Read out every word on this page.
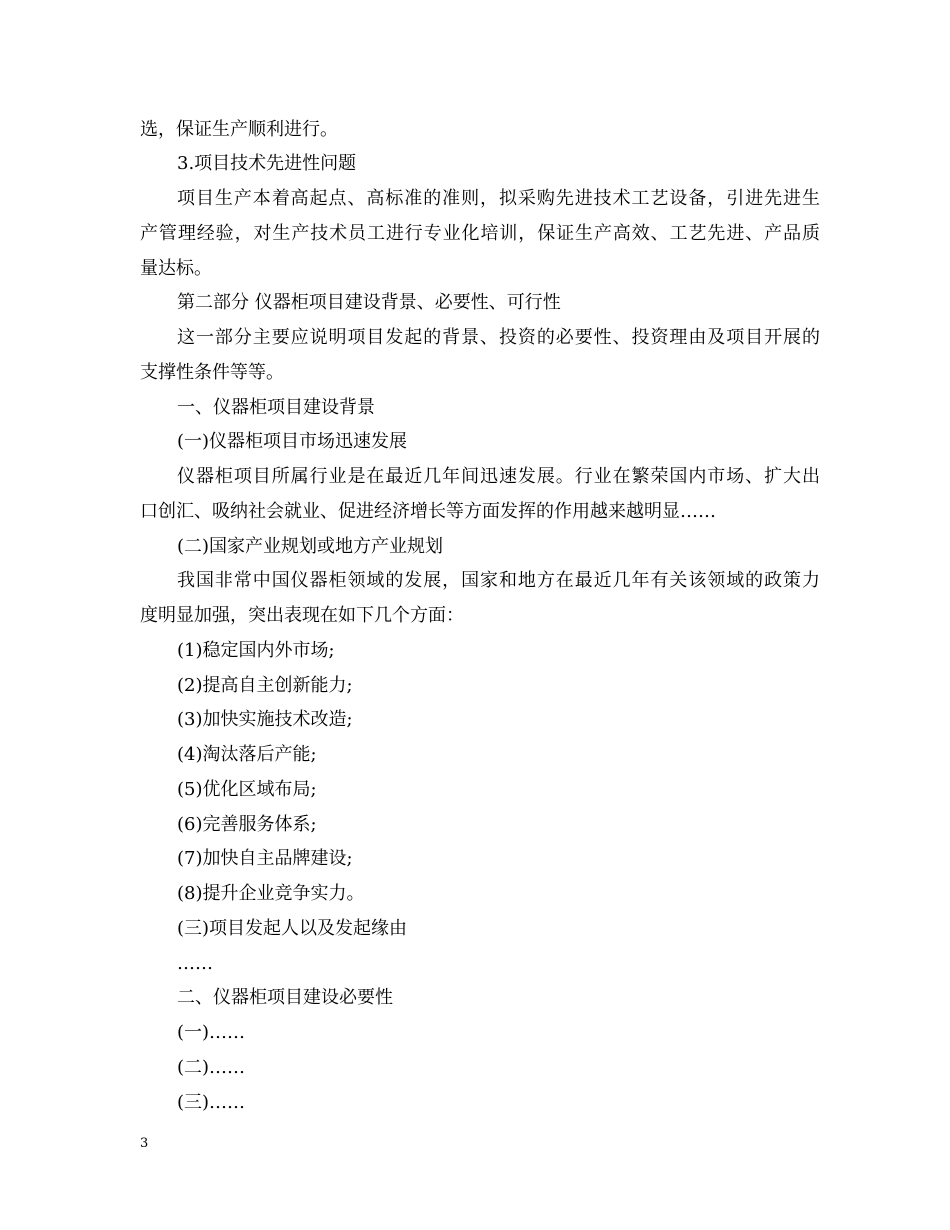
选，保证生产顺利进行。
3.项目技术先进性问题
项目生产本着高起点、高标准的准则，拟采购先进技术工艺设备，引进先进生
产管理经验，对生产技术员工进行专业化培训，保证生产高效、工艺先进、产品质
量达标。
第二部分 仪器柜项目建设背景、必要性、可行性
这一部分主要应说明项目发起的背景、投资的必要性、投资理由及项目开展的
支撑性条件等等。
一、仪器柜项目建设背景
(一)仪器柜项目市场迅速发展
仪器柜项目所属行业是在最近几年间迅速发展。行业在繁荣国内市场、扩大出
口创汇、吸纳社会就业、促进经济增长等方面发挥的作用越来越明显……
(二)国家产业规划或地方产业规划
我国非常中国仪器柜领域的发展，国家和地方在最近几年有关该领域的政策力
度明显加强，突出表现在如下几个方面：
(1)稳定国内外市场;
(2)提高自主创新能力;
(3)加快实施技术改造;
(4)淘汰落后产能;
(5)优化区域布局;
(6)完善服务体系;
(7)加快自主品牌建设;
(8)提升企业竞争实力。
(三)项目发起人以及发起缘由
……
二、仪器柜项目建设必要性
(一)……
(二)……
(三)……
3
